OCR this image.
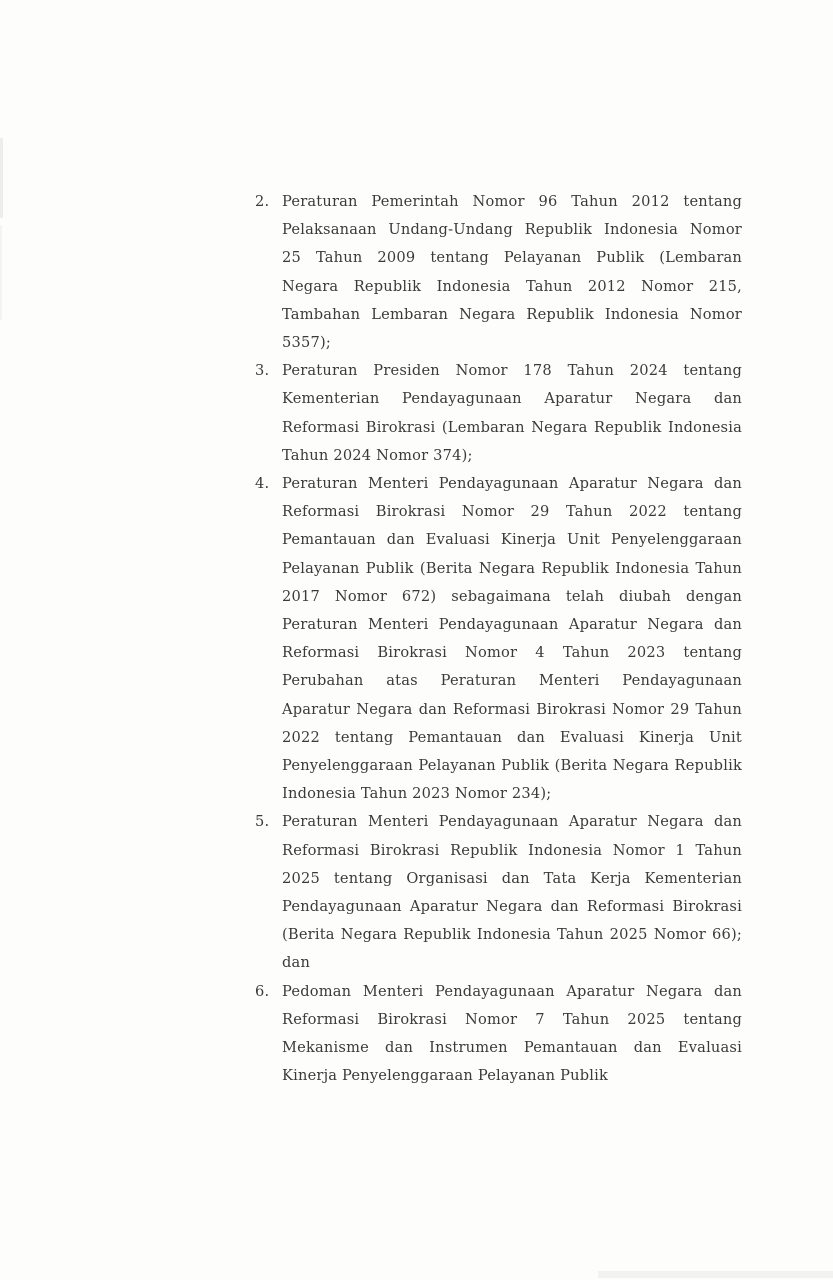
2. Peraturan Pemerintah Nomor 96 Tahun 2012 tentang
Pelaksanaan Undang-Undang Republik Indonesia Nomor
25 Tahun 2009 tentang Pelayanan Publik (Lembaran
Negara Republik Indonesia Tahun 2012 Nomor 215,
Tambahan Lembaran Negara Republik Indonesia Nomor
5357);
3. Peraturan Presiden Nomor 178 Tahun 2024 tentang
Kementerian Pendayagunaan Aparatur Negara dan
Reformasi Birokrasi (Lembaran Negara Republik Indonesia
Tahun 2024 Nomor 374);
4. Peraturan Menteri Pendayagunaan Aparatur Negara dan
Reformasi Birokrasi Nomor 29 Tahun 2022 tentang
Pemantauan dan Evaluasi Kinerja Unit Penyelenggaraan
Pelayanan Publik (Berita Negara Republik Indonesia Tahun
2017 Nomor 672) sebagaimana telah diubah dengan
Peraturan Menteri Pendayagunaan Aparatur Negara dan
Reformasi Birokrasi Nomor 4 Tahun 2023 tentang
Perubahan atas Peraturan Menteri Pendayagunaan
Aparatur Negara dan Reformasi Birokrasi Nomor 29 Tahun
2022 tentang Pemantauan dan Evaluasi Kinerja Unit
Penyelenggaraan Pelayanan Publik (Berita Negara Republik
Indonesia Tahun 2023 Nomor 234);
5. Peraturan Menteri Pendayagunaan Aparatur Negara dan
Reformasi Birokrasi Republik Indonesia Nomor 1 Tahun
2025 tentang Organisasi dan Tata Kerja Kementerian
Pendayagunaan Aparatur Negara dan Reformasi Birokrasi
(Berita Negara Republik Indonesia Tahun 2025 Nomor 66);
dan
6. Pedoman Menteri Pendayagunaan Aparatur Negara dan
Reformasi Birokrasi Nomor 7 Tahun 2025 tentang
Mekanisme dan Instrumen Pemantauan dan Evaluasi
Kinerja Penyelenggaraan Pelayanan Publik
